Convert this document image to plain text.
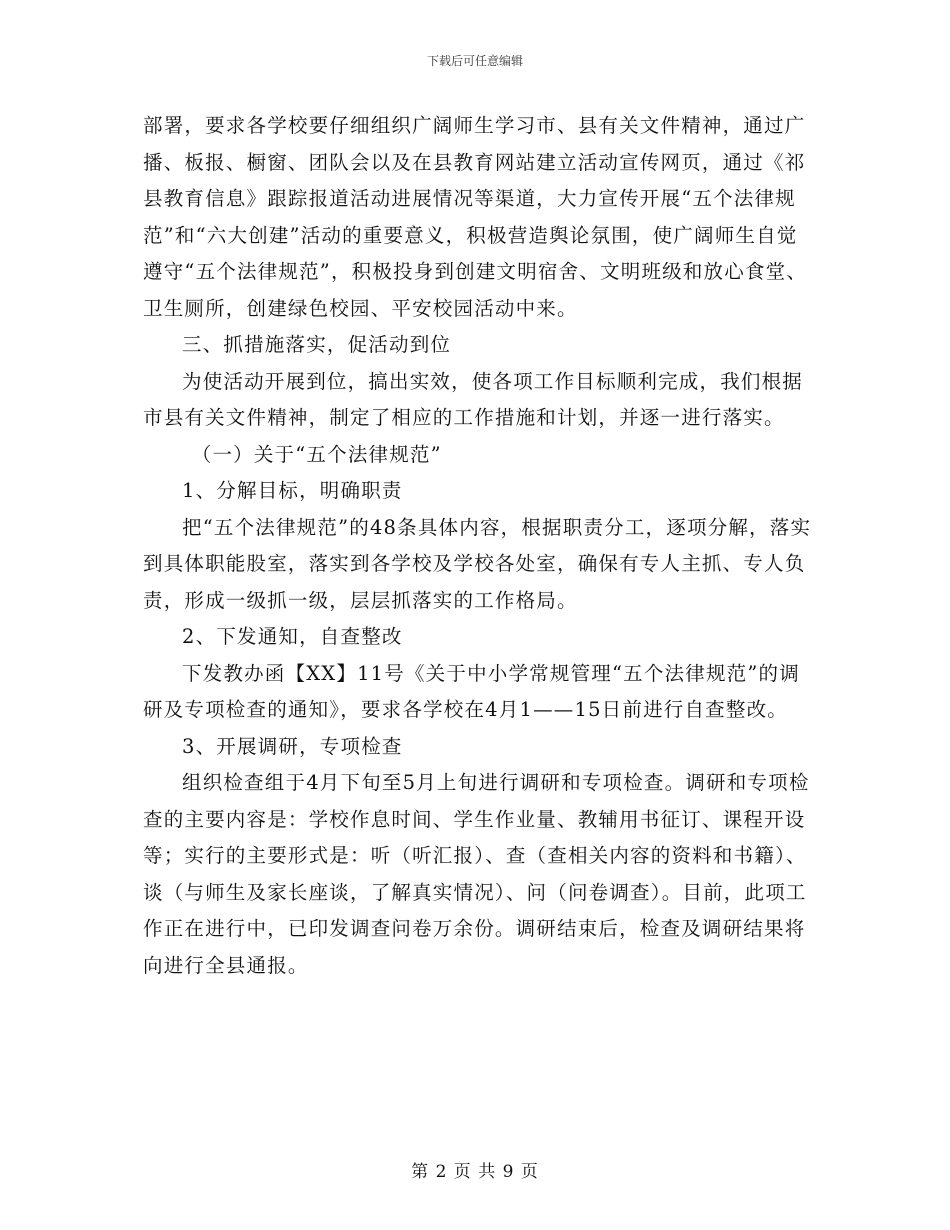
下载后可任意编辑

部署，要求各学校要仔细组织广阔师生学习市、县有关文件精神，通过广播、板报、橱窗、团队会以及在县教育网站建立活动宣传网页，通过《祁县教育信息》跟踪报道活动进展情况等渠道，大力宣传开展“五个法律规范”和“六大创建”活动的重要意义，积极营造舆论氛围，使广阔师生自觉遵守“五个法律规范”，积极投身到创建文明宿舍、文明班级和放心食堂、卫生厕所，创建绿色校园、平安校园活动中来。

三、抓措施落实，促活动到位

为使活动开展到位，搞出实效，使各项工作目标顺利完成，我们根据市县有关文件精神，制定了相应的工作措施和计划，并逐一进行落实。

（一）关于“五个法律规范”

1、分解目标，明确职责

把“五个法律规范”的48条具体内容，根据职责分工，逐项分解，落实到具体职能股室，落实到各学校及学校各处室，确保有专人主抓、专人负责，形成一级抓一级，层层抓落实的工作格局。

2、下发通知，自查整改

下发教办函【XX】11号《关于中小学常规管理“五个法律规范”的调研及专项检查的通知》，要求各学校在4月1——15日前进行自查整改。

3、开展调研，专项检查

组织检查组于4月下旬至5月上旬进行调研和专项检查。调研和专项检查的主要内容是：学校作息时间、学生作业量、教辅用书征订、课程开设等；实行的主要形式是：听（听汇报）、查（查相关内容的资料和书籍）、谈（与师生及家长座谈，了解真实情况）、问（问卷调查）。目前，此项工作正在进行中，已印发调查问卷万余份。调研结束后，检查及调研结果将向进行全县通报。

第 2 页 共 9 页
